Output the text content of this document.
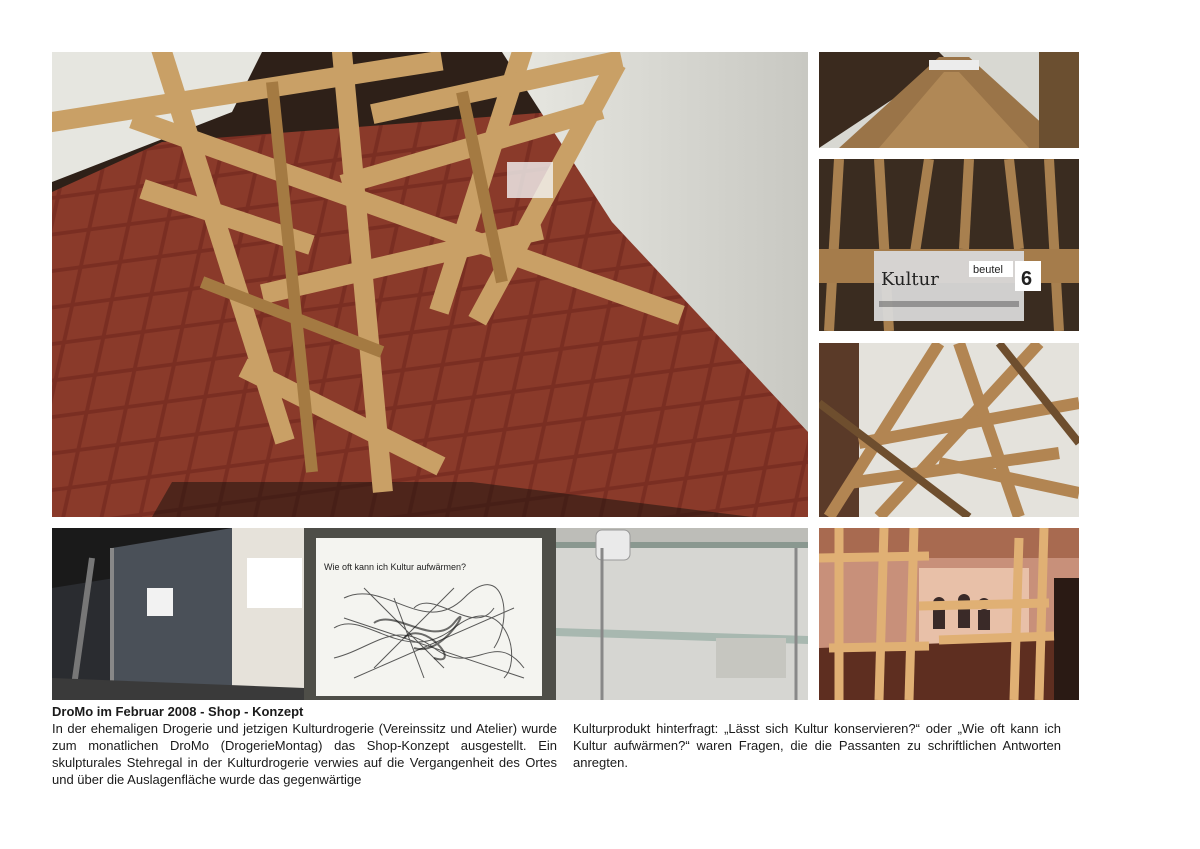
Kultur	beutel 6
Wie oft kann ich Kultur aufwärmen?
DroMo im Februar 2008 - Shop - Konzept
In der ehemaligen Drogerie und jetzigen Kulturdrogerie (Vereinssitz und Atelier) wurde zum monatlichen DroMo (DrogerieMontag) das Shop-Konzept ausgestellt. Ein skulpturales Stehregal in der Kulturdrogerie verwies auf die Vergangenheit des Ortes und über die Auslagenfläche wurde das gegenwärtige
Kulturprodukt hinterfragt: „Lässt sich Kultur konservieren?“ oder „Wie oft kann ich Kultur aufwärmen?“ waren Fragen, die die Passanten zu schriftlichen Antworten anregten.
